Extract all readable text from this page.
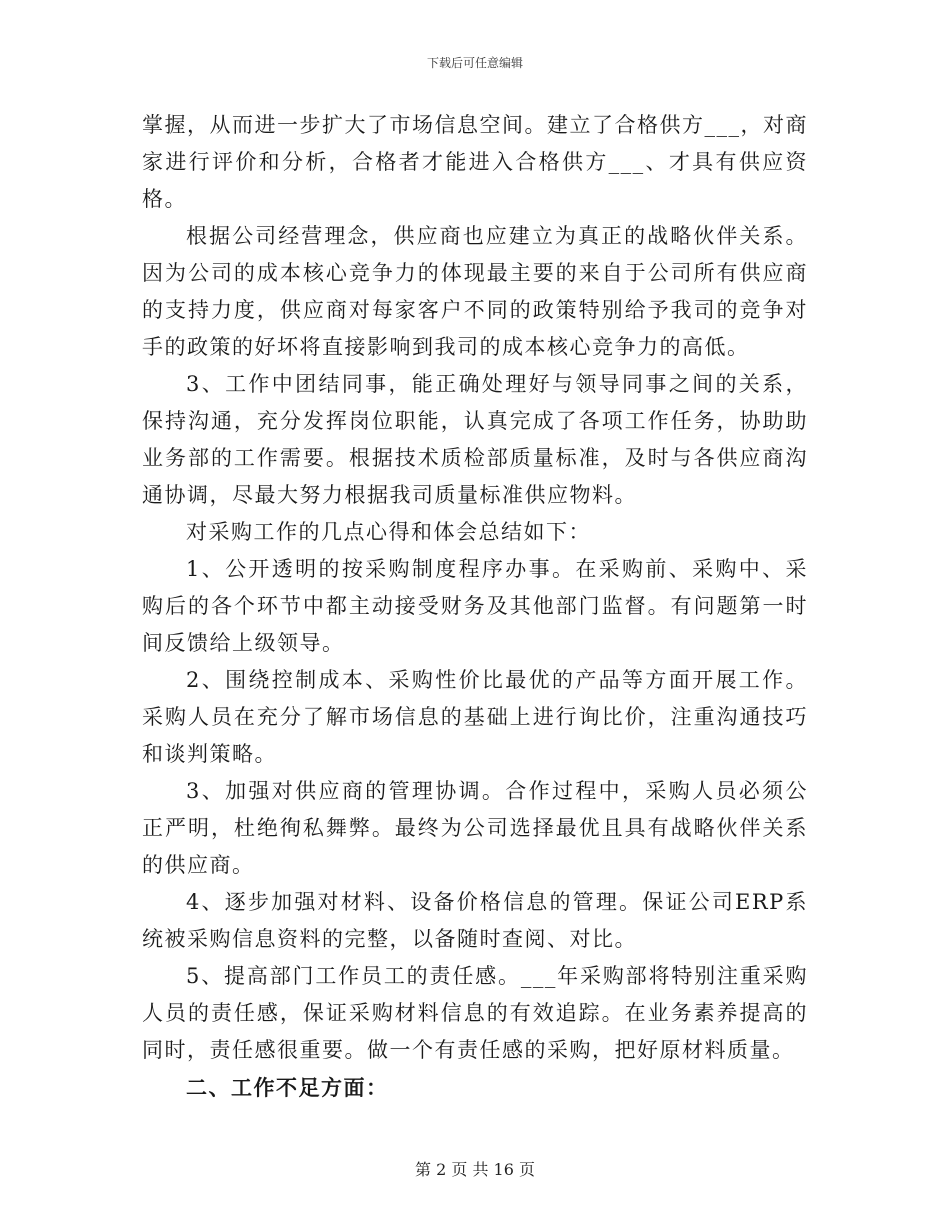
下载后可任意编辑

掌握，从而进一步扩大了市场信息空间。建立了合格供方___，对商家进行评价和分析，合格者才能进入合格供方___、才具有供应资格。

根据公司经营理念，供应商也应建立为真正的战略伙伴关系。因为公司的成本核心竞争力的体现最主要的来自于公司所有供应商的支持力度，供应商对每家客户不同的政策特别给予我司的竞争对手的政策的好坏将直接影响到我司的成本核心竞争力的高低。

3、工作中团结同事，能正确处理好与领导同事之间的关系，保持沟通，充分发挥岗位职能，认真完成了各项工作任务，协助助业务部的工作需要。根据技术质检部质量标准，及时与各供应商沟通协调，尽最大努力根据我司质量标准供应物料。

对采购工作的几点心得和体会总结如下：

1、公开透明的按采购制度程序办事。在采购前、采购中、采购后的各个环节中都主动接受财务及其他部门监督。有问题第一时间反馈给上级领导。

2、围绕控制成本、采购性价比最优的产品等方面开展工作。采购人员在充分了解市场信息的基础上进行询比价，注重沟通技巧和谈判策略。

3、加强对供应商的管理协调。合作过程中，采购人员必须公正严明，杜绝徇私舞弊。最终为公司选择最优且具有战略伙伴关系的供应商。

4、逐步加强对材料、设备价格信息的管理。保证公司ERP系统被采购信息资料的完整，以备随时查阅、对比。

5、提高部门工作员工的责任感。___年采购部将特别注重采购人员的责任感，保证采购材料信息的有效追踪。在业务素养提高的同时，责任感很重要。做一个有责任感的采购，把好原材料质量。

二、工作不足方面：

第 2 页 共 16 页
